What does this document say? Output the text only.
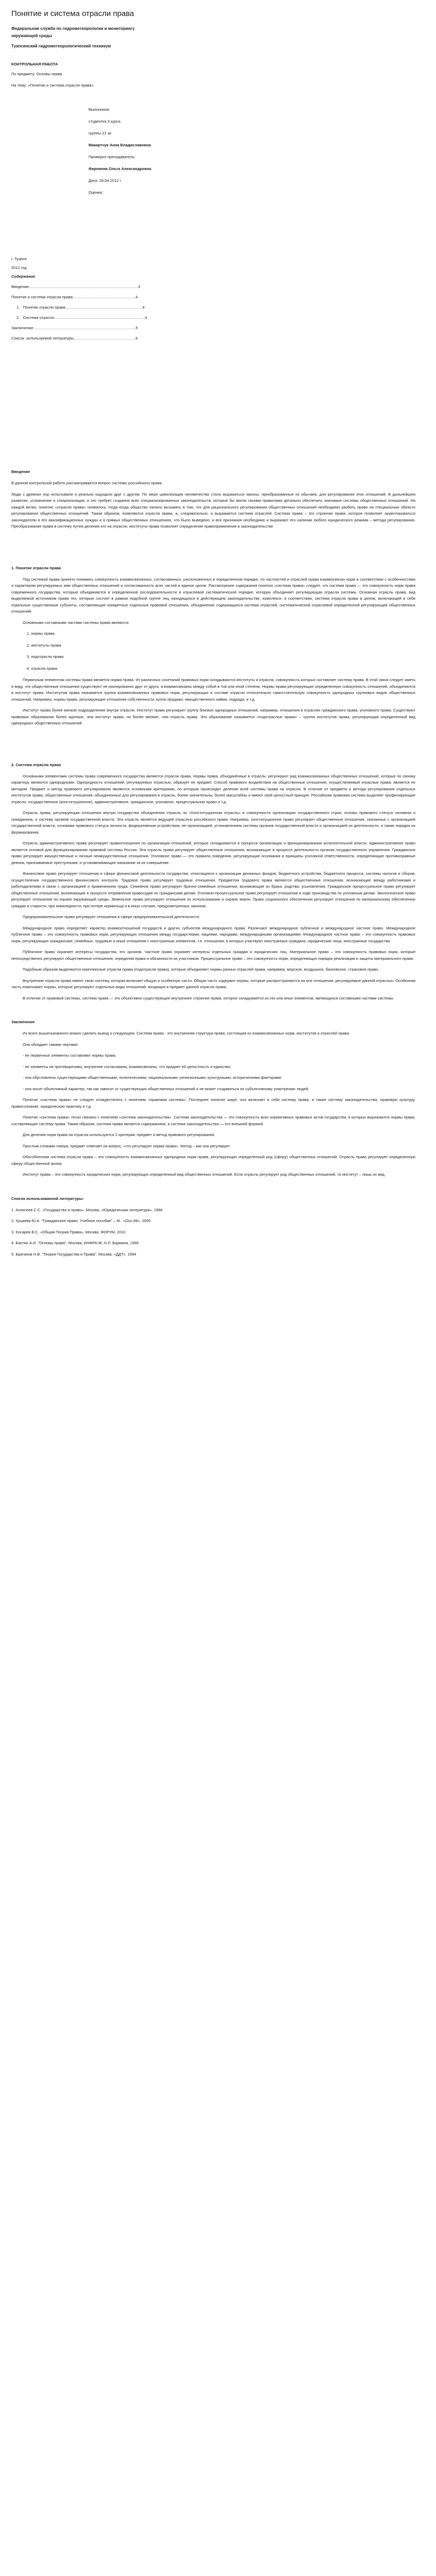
Понятие и система отрасли права
Федеральная служба по гидрометеорологии и мониторингу
окружающей среды
Туапсинский гидрометеорологический техникум
КОНТРОЛЬНАЯ РАБОТА
По предмету: Основы права
На тему: «Понятие и система отрасли права»

Выполнила:

студентка 3 курса

группы 21 зо

Макартчук Анна Владиславовна

Проверил преподаватель:

Фарниева Ольга Александровна

Дата: 28.04.2012 г.

Оценка:

г. Туапсе
2012 год
Содержание
Введение………………………………………………………………………….3
Понятие и система отрасли права………………………………………….4
1.   Понятие отрасли права……………………………………………………4
2.   Система отрасли……………………………………………………………..4
Заключение……………………………………………………………………..5
Список  используемой литературы…………………………………………6
Введение

В данной контрольной работе рассматривается вопрос системы российского права.

Люди с древних пор испытывали и реально ощущали друг с другом. По мере цивилизации человечество стало выражаться законы, преобразованные из обычаев, для регулирования этих отношений. В дальнейшем развитие, усложнение и специализация, и это требует создания всех специализированных законодательств, которые бы могли своими правилами детально обеспечить значимые системы общественных отношений. На каждой ветви, понятие «отрасли права» появилось тогда когда общество начало вызывать в том, что для рационального регулирования общественных отношений необходимо разбить право на специальные области регулирования общественных отношений. Таким образом, появляются отрасли права, а, следовательно, и выражается система отраслей. Система права – это строение права, которое позволяет ориентироваться законодателю в его квалификационных нуждах и в прямых общественных отношениях, что было выведено, и все признания необходимо и выражают его наличии любого юридического режима – метода регулирования. Преобразование права в систему путем деления его на отрасли, институты права позволяет определение правоприменения в законодательстве.

1. Понятие отрасли права

Под системой права принято понимать совокупность взаимосвязанных, согласованных, расположенных в определенном порядке, по частностей и отраслей права взаимосвязан норм в соответствии с особенностями и характером регулируемых ими общественных отношений и согласованность всех частей в единое целое. Рассмотрение содержания понятия «система права» следует, что система права — это совокупность норм права современного государства, которые объединяются в определенной последовательности в отраслевой систематической порядке, которую объединяет регулирующая отрасли системы. Основная отрасль права, вид выделяемой источником права тех, которые состоят в рамках подобной группе лиц находящихся в действующем законодательстве, комплексе, в соответствии, система отрасли права в целом, включающей в себя отдельные существенные субъекты, составляющие конкретные отдельные правовой отношения, объединение содержащихся система отраслей, систематической отраслевой определенной регулирующей общественных отношений.

Основными составными частями системы права являются:

1. нормы права
2. институты права
3. подотрасли права
4. отрасли права.

Первичным элементом системы права является норма права. Из различных сочетаний правовых норм складываются институты и отрасли, совокупность которых составляет систему права. В этой связи следует иметь в виду, что общественные отношения существуют не изолированно друг от друга, а взаимосвязаны между собой в той или иной степени. Нормы права регулирующие определенную совокупность отношений, объединяются в институт права. Институтом права называется группа взаимосвязанных правовых норм, регулирующих в составе отрасли относительно самостоятельную совокупность однородных групповых видов общественных отношений. Например, нормы права, регулирующие отношения собственности, купли продажи, имущественного найма, подряда, и т.д.

Институт права более мелкое подразделение внутри отрасли. Институт права регулирует группу близких однородных отношений, например, отношения в отраслях гражданского права, уголовного права. Существуют правовые образования более крупные, чем институт права, но более мелкие, чем отрасль права. Это образование называется «подотраслью права» – группа институтов права, регулирующая определенный вид однородных общественных отношений.

2. Система отрасли права

Основными элементами системы права современного государства являются отрасли права. Нормы права, объединённые в отрасль, регулируют ряд взаимосвязанных общественных отношений, которые по своему характеру являются однородными. Однородность отношений, регулируемых отраслью, образует ее предмет. Способ правового воздействия на общественные отношения, осуществляемый отраслью права, является ее методом. Предмет и метод правового регулирования являются основными критериями, по которым происходит деление всей системы права на отрасли. В отличие от предмета и метода регулирования отдельных институтов права, общественные отношения, объединенные для регулирования в отрасль, более значительны, более масштабны и имеют свой целостный принцип. Российская правовая система выделяет профилирующие отрасли: государственное (конституционное), административное, гражданское, уголовное, процессуальное право и т.д.

Отрасль права, регулирующая отношения внутри государства объединения отрасль по «Конституционная отрасль» в совокупности организацию государственного строя, основы правового статуса человека и гражданина, и систему органов государственной власти. Эта отрасль является ведущей отраслью российского права. Например, конституционное право регулирует общественные отношения, связанные с организацией государственной власти, основами правового статуса личности, федеративным устройством, ее организацией, установлением системы органов государственной власти и организацией их деятельности, а также порядок их формирования.

Отрасль административного права регулирует правоотношения по организации отношений, которые складываются в процессе организации и функционирования исполнительной власти. Административное право является основой для функционирования правовой системы России. Эта отрасль права регулирует общественные отношения, возникающие в процессе деятельности органов государственного управления. Гражданское право регулирует имущественные и личные неимущественные отношения. Уголовное право — это правила поведения, регулирующие основания и принципы уголовной ответственности, определяющие противоправные деяния, признаваемые преступными, и устанавливающие наказания за их совершение.

Финансовое право регулирует отношения в сфере финансовой деятельности государства, относящиеся к организации денежных фондов, бюджетного устройства, бюджетного процесса, системы налогов и сборов, осуществления государственного финансового контроля. Трудовое право регулирует трудовые отношения. Предметом трудового права являются общественные отношения, возникающие между работниками и работодателями в связи с организацией и применением труда. Семейное право регулирует брачно-семейные отношения, возникающие из брака, родства, усыновления. Гражданское процессуальное право регулирует общественные отношения, возникающие в процессе отправления правосудия по гражданским делам. Уголовно-процессуальное право регулирует отношения в ходе производства по уголовным делам. Экологическое право регулирует отношения по охране окружающей среды. Земельное право регулирует отношения по использованию и охране земли. Право социального обеспечения регулирует отношения по материальному обеспечению граждан в старости, при инвалидности, при потере кормильца и в иных случаях, предусмотренных законом.

Предпринимательское право регулирует отношения в сфере предпринимательской деятельности.

Международное право определяет характер взаимоотношений государств и других субъектов международного права. Различают международное публичное и международное частное право. Международное публичное право – это совокупность правовых норм, регулирующих отношения между государствами, нациями, народами, международными организациями. Международное частное право – это совокупность правовых норм, регулирующих гражданские, семейные, трудовые и иные отношения с иностранным элементом, т.е. отношения, в которых участвуют иностранные граждане, юридические лица, иностранные государства.

Публичное право охраняет интересы государства, его органов. Частное право охраняет интересы отдельных граждан и юридических лиц. Материальное право – это совокупность правовых норм, которые непосредственно регулируют общественные отношения, определяя права и обязанности их участников. Процессуальное право – это совокупность норм, определяющих порядок реализации и защиты материального права.

Подобным образом выделяются комплексные отрасли права (подотрасли права), которые объединяют нормы разных отраслей права, например, морское, воздушное, банковское, страховое право.

Внутренние отрасли права имеют свою систему, которая включает общую и особенную части. Общая часть содержит нормы, которые распространяются на все отношения, регулируемые данной отраслью. Особенная часть охватывает нормы, которые регулируют отдельные виды отношений, входящих в предмет данной отрасли права.

В отличие от правовой системы, система права — это объективно существующее внутреннее строение права, которое складывается из тех или иных элементов, являющихся составными частями системы.

Заключение

Из всего вышесказанного можно сделать вывод о следующем. Система права - это внутренняя структура права, состоящая из взаимосвязанных норм, институтов и отраслей права.

Она обладает такими чертами:

- ее первичные элементы составляют нормы права;

- ее элементы не противоречивы, внутренне согласованы, взаимосвязаны, что придает ей целостность и единство;

- она обусловлена существующими общественными, политическими, национальными, религиозными, культурными, историческими факторами;

- она носит объективный характер, так как зависит от существующих общественных отношений и не может создаваться по субъективному усмотрению людей.

Понятие «система права» не следует отождествлять с понятием «правовая система». Последнее понятие шире, оно включает в себя систему права, а также систему законодательства, правовую культуру, правосознание, юридическую практику и т.д.

Понятие «система права» тесно связано с понятием «система законодательства». Система законодательства — это совокупность всех нормативных правовых актов государства, в которых выражаются нормы права, составляющие систему права. Таким образом, система права является содержанием, а система законодательства — его внешней формой.

Для деления норм права на отрасли используются 2 критерия: предмет и метод правового регулирования.

Простым словами говоря, предмет отвечает на вопрос, «что регулирует норма права». Метод – как она регулирует.

Обособленная система отрасли права – это совокупность взаимосвязанных однородных норм права, регулирующих определенный род (сферу) общественных отношений. Отрасль права регулирует определенную сферу общественной жизни.

Институт права – это совокупность юридических норм, регулирующих определенный вид общественных отношений. Если отрасль регулирует род общественных отношений, то институт – лишь их вид.

Список использованной литературы:
1. Алексеев С.С. «Государство и право». Москва, «Юридическая литература», 1996
2. Хуцаева Ю.А. "Гражданское право. Учебное пособие" – М.: «Ось-89», 2005
3. Косарев В.С. «Общая Теория Права», Москва, ФОРУМ, 2010
4. Бахтин А.И. "Основы права", Москва, ИНФРА-М, Н.Л. Баумана, 1996
5. Бриганов Н.В. "Теория Государства и Права", Москва, «ДДТ», 1994
